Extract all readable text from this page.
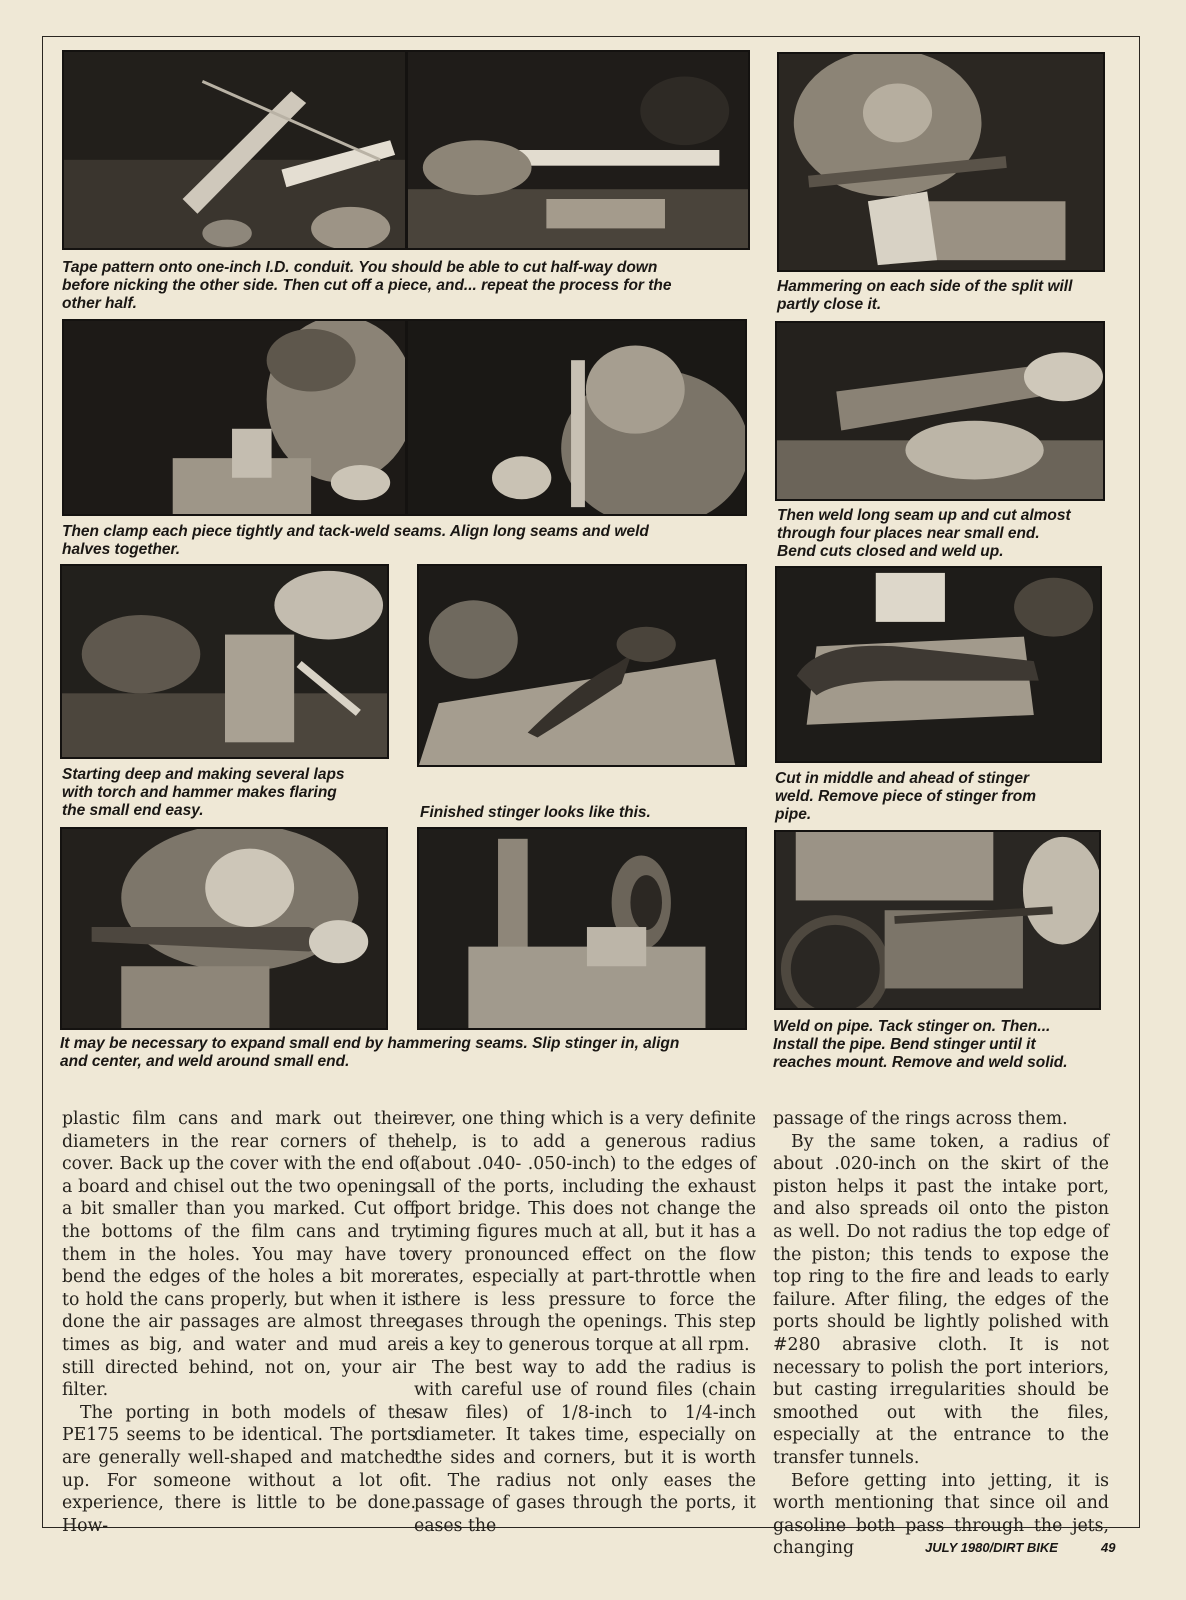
Tape pattern onto one-inch I.D. conduit. You should be able to cut half-way down
before nicking the other side. Then cut off a piece, and... repeat the process for the
other half.
Hammering on each side of the split will
partly close it.
Then clamp each piece tightly and tack-weld seams. Align long seams and weld
halves together.
Then weld long seam up and cut almost
through four places near small end.
Bend cuts closed and weld up.
Starting deep and making several laps
with torch and hammer makes flaring
the small end easy.	Finished stinger looks like this.
Cut in middle and ahead of stinger
weld. Remove piece of stinger from
pipe.
It may be necessary to expand small end by hammering seams. Slip stinger in, align
and center, and weld around small end.
Weld on pipe. Tack stinger on. Then...
Install the pipe. Bend stinger until it
reaches mount. Remove and weld solid.

plastic film cans and mark out their diameters in the rear corners of the cover. Back up the cover with the end of a board and chisel out the two openings a bit smaller than you marked. Cut off the bottoms of the film cans and try them in the holes. You may have to bend the edges of the holes a bit more to hold the cans properly, but when it is done the air passages are almost three times as big, and water and mud are still directed behind, not on, your air filter.

The porting in both models of the PE175 seems to be identical. The ports are generally well-shaped and matched up. For someone without a lot of experience, there is little to be done. How-

ever, one thing which is a very definite help, is to add a generous radius (about .040- .050-inch) to the edges of all of the ports, including the exhaust port bridge. This does not change the timing figures much at all, but it has a very pronounced effect on the flow rates, especially at part-throttle when there is less pressure to force the gases through the openings. This step is a key to generous torque at all rpm.

The best way to add the radius is with careful use of round files (chain saw files) of 1/8-inch to 1/4-inch diameter. It takes time, especially on the sides and corners, but it is worth it. The radius not only eases the passage of gases through the ports, it eases the

passage of the rings across them.

By the same token, a radius of about .020-inch on the skirt of the piston helps it past the intake port, and also spreads oil onto the piston as well. Do not radius the top edge of the piston; this tends to expose the top ring to the fire and leads to early failure. After filing, the edges of the ports should be lightly polished with #280 abrasive cloth. It is not necessary to polish the port interiors, but casting irregularities should be smoothed out with the files, especially at the entrance to the transfer tunnels.

Before getting into jetting, it is worth mentioning that since oil and gasoline both pass through the jets, changing	JULY 1980/DIRT BIKE	49
